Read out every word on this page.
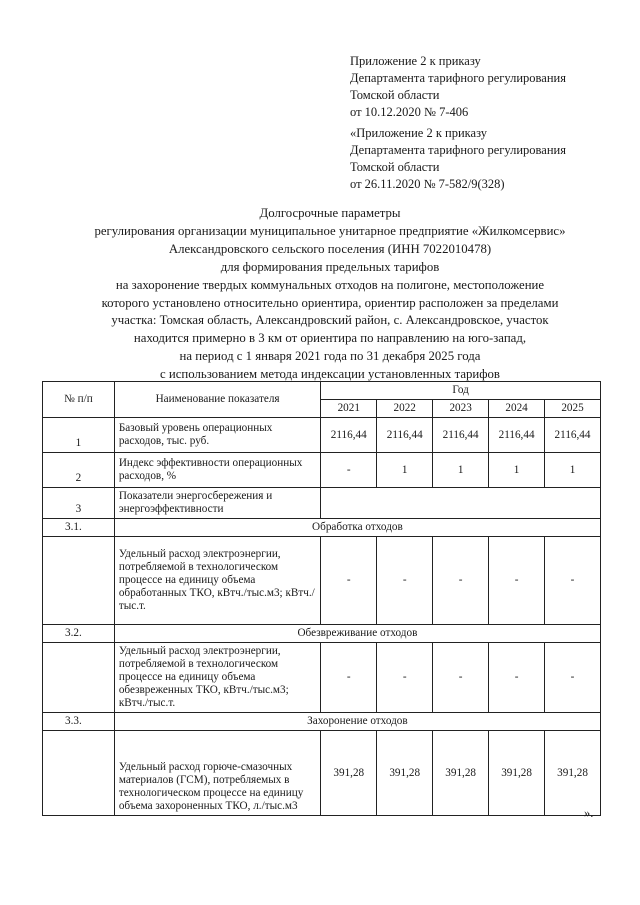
Приложение 2 к приказу
Департамента тарифного регулирования
Томской области
от 10.12.2020 № 7-406
«Приложение 2 к приказу
Департамента тарифного регулирования
Томской области
от 26.11.2020 № 7-582/9(328)
Долгосрочные параметры
регулирования организации муниципальное унитарное предприятие «Жилкомсервис»
Александровского сельского поселения (ИНН 7022010478)
для формирования предельных тарифов
на захоронение твердых коммунальных отходов на полигоне, местоположение
которого установлено относительно ориентира, ориентир расположен за пределами
участка: Томская область, Александровский район, с. Александровское, участок
находится примерно в 3 км от ориентира по направлению на юго-запад,
на период с 1 января 2021 года по 31 декабря 2025 года
с использованием метода индексации установленных тарифов
№ п/п	Наименование показателя	Год				
		2021	2022	2023	2024	2025
1	Базовый уровень операционных расходов, тыс. руб.	2116,44	2116,44	2116,44	2116,44	2116,44
2	Индекс эффективности операционных расходов, %	-	1	1	1	1
3	Показатели энергосбережения и энергоэффективности					
3.1.	Обработка отходов					
	Удельный расход электроэнергии, потребляемой в технологическом процессе на единицу объема обработанных ТКО, кВтч./тыс.м3; кВтч./тыс.т.	-	-	-	-	-
3.2.	Обезвреживание отходов					
	Удельный расход электроэнергии, потребляемой в технологическом процессе на единицу объема обезвреженных ТКО, кВтч./тыс.м3; кВтч./тыс.т.	-	-	-	-	-
3.3.	Захоронение отходов					
	Удельный расход горюче-смазочных материалов (ГСМ), потребляемых в технологическом процессе на единицу объема захороненных ТКО, л./тыс.м3	391,28	391,28	391,28	391,28	391,28
».
